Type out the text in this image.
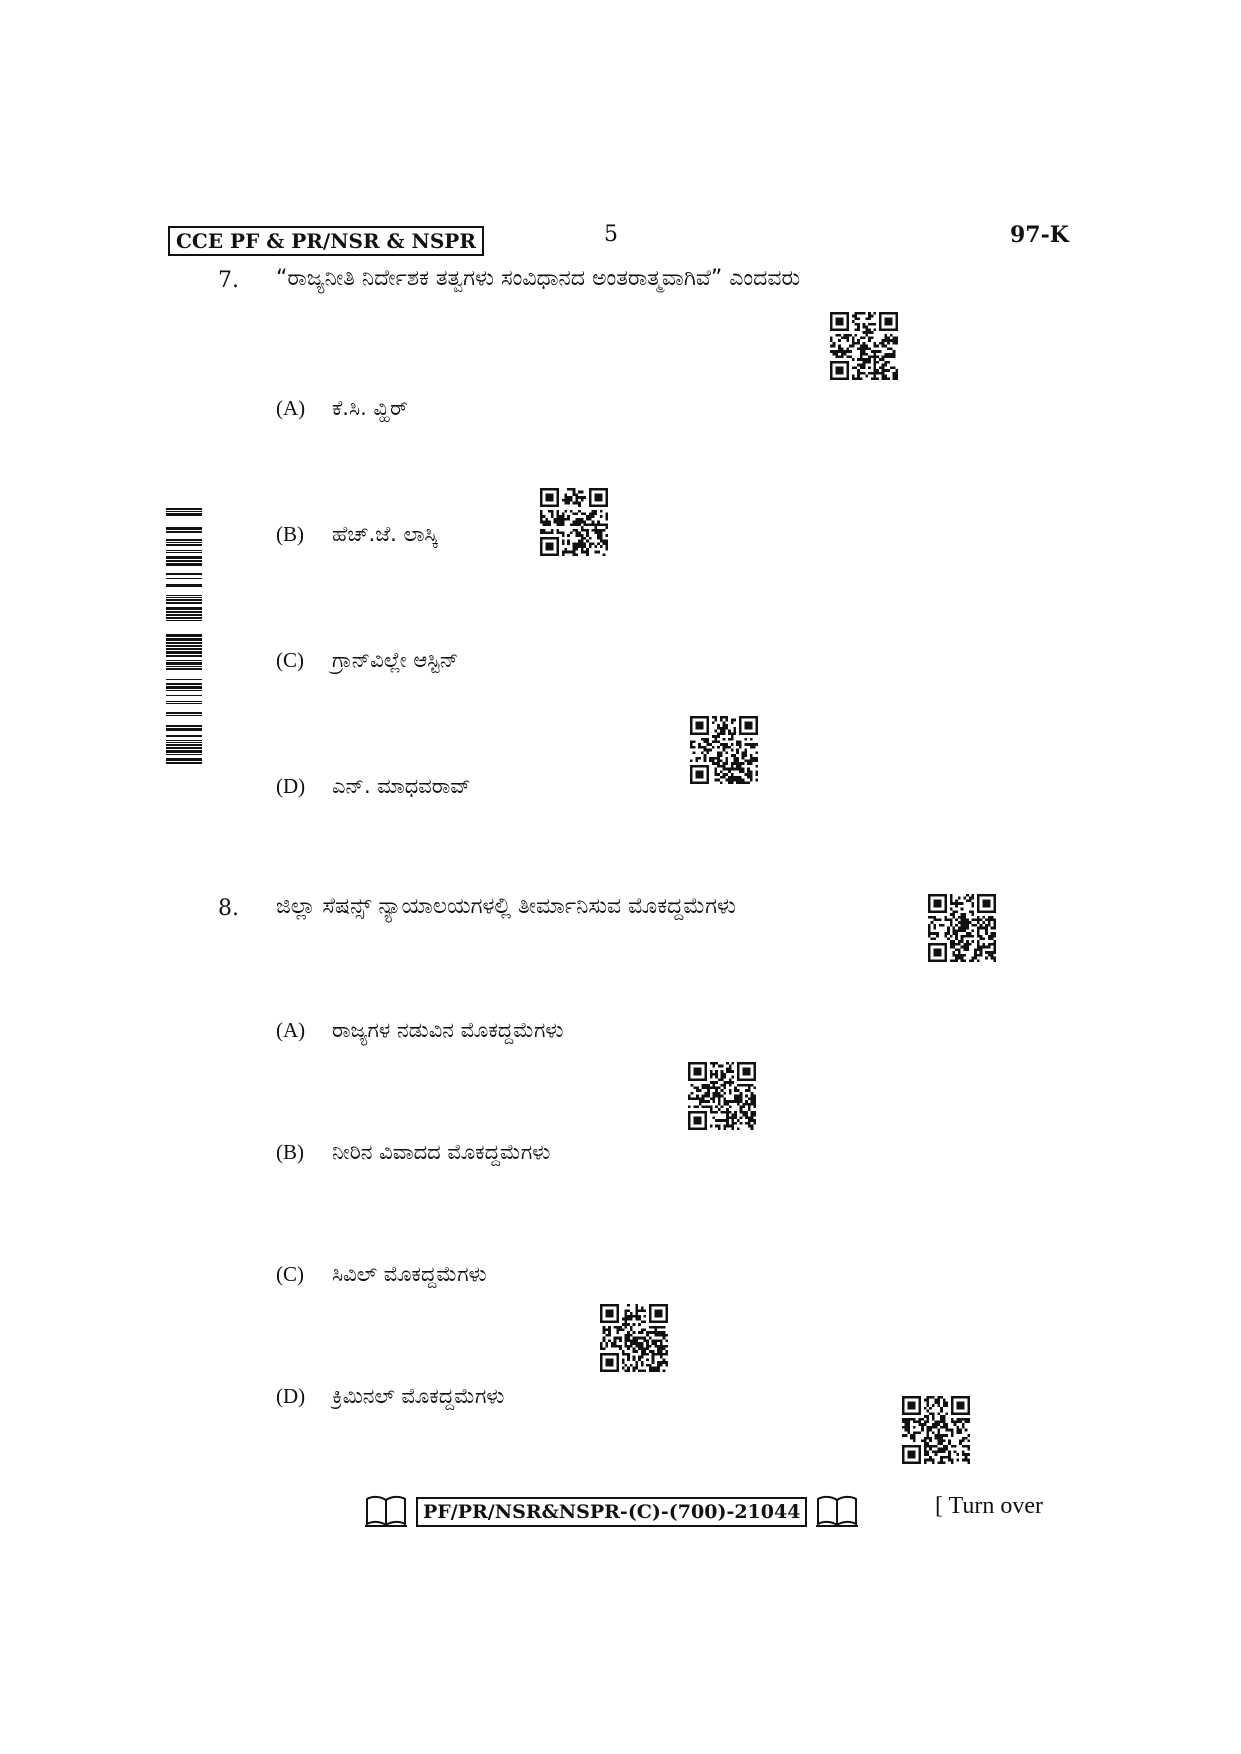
CCE PF & PR/NSR & NSPR	5	97-K
7. “ರಾಜ್ಯನೀತಿ ನಿರ್ದೇಶಕ ತತ್ವಗಳು ಸಂವಿಧಾನದ ಅಂತರಾತ್ಮವಾಗಿವೆ” ಎಂದವರು
(A) ಕೆ.ಸಿ. ವ್ಹಿರ್
(B) ಹೆಚ್.ಜೆ. ಲಾಸ್ಕಿ
(C) ಗ್ರಾನ್‌ವಿಲ್ಲೇ ಆಸ್ಟಿನ್
(D) ಎನ್. ಮಾಧವರಾವ್
8. ಜಿಲ್ಲಾ ಸೆಷನ್ಸ್ ನ್ಯಾಯಾಲಯಗಳಲ್ಲಿ ತೀರ್ಮಾನಿಸುವ ಮೊಕದ್ದಮೆಗಳು
(A) ರಾಜ್ಯಗಳ ನಡುವಿನ ಮೊಕದ್ದಮೆಗಳು
(B) ನೀರಿನ ವಿವಾದದ ಮೊಕದ್ದಮೆಗಳು
(C) ಸಿವಿಲ್ ಮೊಕದ್ದಮೆಗಳು
(D) ಕ್ರಿಮಿನಲ್ ಮೊಕದ್ದಮೆಗಳು
PF/PR/NSR&NSPR-(C)-(700)-21044	[ Turn over
